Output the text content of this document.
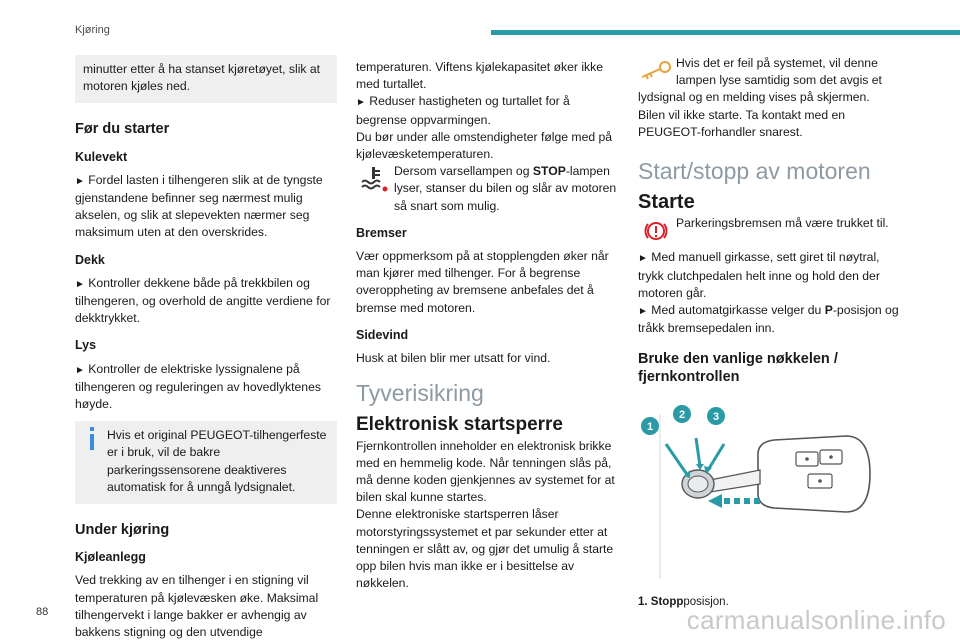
Kjøring
minutter etter å ha stanset kjøretøyet, slik at motoren kjøles ned.
Før du starter
Kulevekt

► Fordel lasten i tilhengeren slik at de tyngste gjenstandene befinner seg nærmest mulig akselen, og slik at slepevekten nærmer seg maksimum uten at den overskrides.

Dekk

► Kontroller dekkene både på trekkbilen og tilhengeren, og overhold de angitte verdiene for dekktrykket.

Lys

► Kontroller de elektriske lyssignalene på tilhengeren og reguleringen av hovedlyktenes høyde.

Hvis et original PEUGEOT-tilhengerfeste er i bruk, vil de bakre parkeringssensorene deaktiveres automatisk for å unngå lydsignalet.
Under kjøring
Kjøleanlegg

Ved trekking av en tilhenger i en stigning vil temperaturen på kjølevæsken øke. Maksimal tilhengervekt i lange bakker er avhengig av bakkens stigning og den utvendige

temperaturen. Viftens kjølekapasitet øker ikke med turtallet.

► Reduser hastigheten og turtallet for å begrense oppvarmingen.

Du bør under alle omstendigheter følge med på kjølevæsketemperaturen.

Dersom varsellampen og STOP-lampen lyser, stanser du bilen og slår av motoren så snart som mulig.
Bremser

Vær oppmerksom på at stopplengden øker når man kjører med tilhenger. For å begrense overoppheting av bremsene anbefales det å bremse med motoren.

Sidevind

Husk at bilen blir mer utsatt for vind.

Tyverisikring
Elektronisk startsperre

Fjernkontrollen inneholder en elektronisk brikke med en hemmelig kode. Når tenningen slås på, må denne koden gjenkjennes av systemet for at bilen skal kunne startes.

Denne elektroniske startsperren låser motorstyringssystemet et par sekunder etter at tenningen er slått av, og gjør det umulig å starte opp bilen hvis man ikke er i besittelse av nøkkelen.

Hvis det er feil på systemet, vil denne lampen lyse samtidig som det avgis et lydsignal og en melding vises på skjermen. Bilen vil ikke starte. Ta kontakt med en PEUGEOT-forhandler snarest.
Start/stopp av motoren
Starte
Parkeringsbremsen må være trukket til.

► Med manuell girkasse, sett giret til nøytral, trykk clutchpedalen helt inne og hold den der motoren går.

► Med automatgirkasse velger du P-posisjon og tråkk bremsepedalen inn.

Bruke den vanlige nøkkelen / fjernkontrollen
1
2	3
1. Stoppposisjon.
88	carmanualsonline.info
